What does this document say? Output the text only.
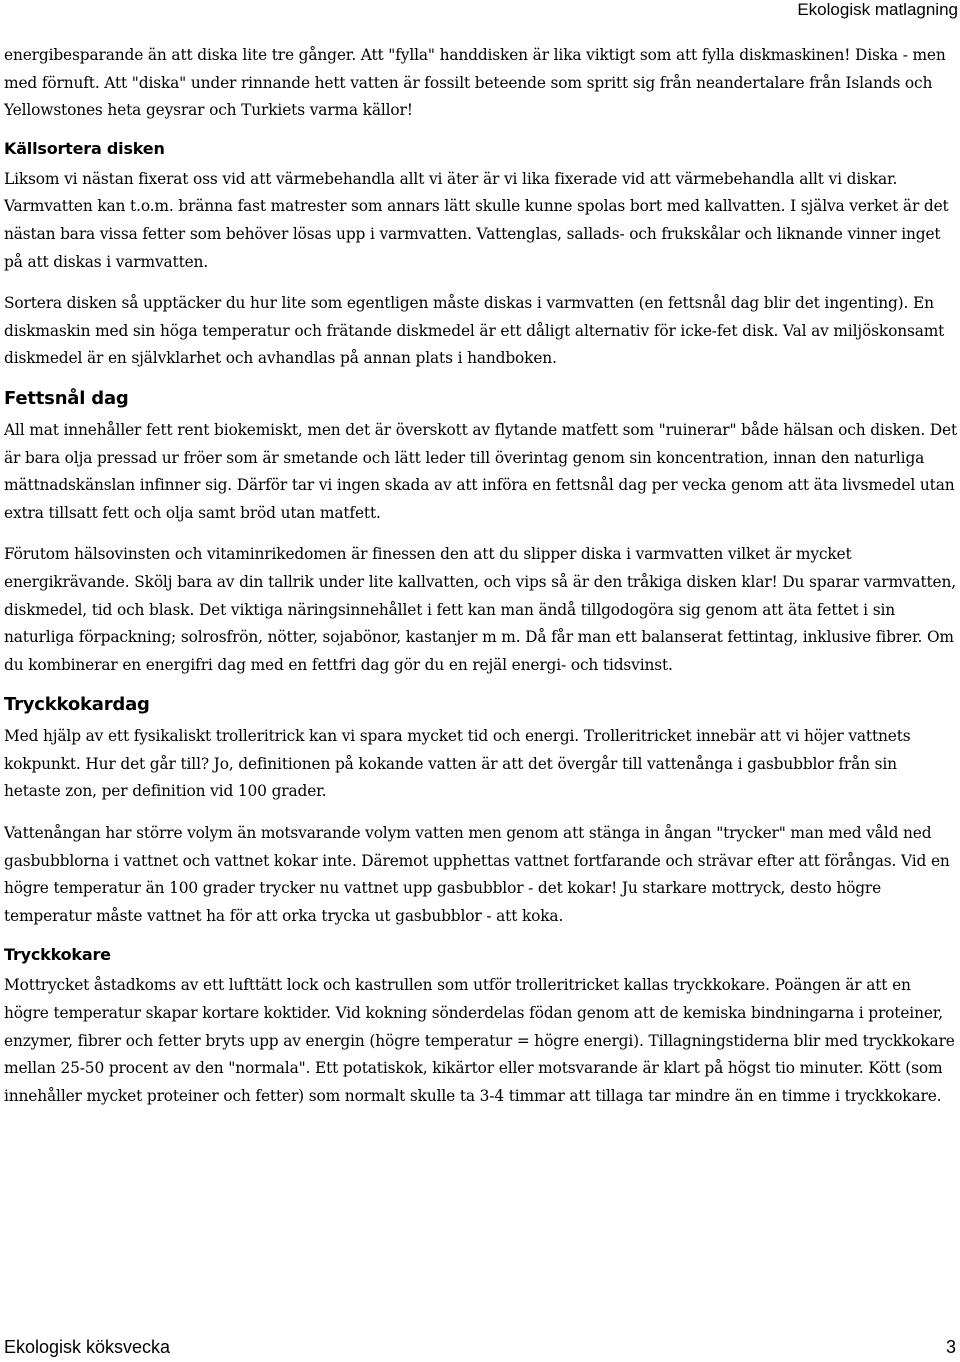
Ekologisk matlagning

energibesparande än att diska lite tre gånger. Att "fylla" handdisken är lika viktigt som att fylla diskmaskinen! Diska - men med förnuft. Att "diska" under rinnande hett vatten är fossilt beteende som spritt sig från neandertalare från Islands och Yellowstones heta geysrar och Turkiets varma källor!

Källsortera disken

Liksom vi nästan fixerat oss vid att värmebehandla allt vi äter är vi lika fixerade vid att värmebehandla allt vi diskar. Varmvatten kan t.o.m. bränna fast matrester som annars lätt skulle kunne spolas bort med kallvatten. I själva verket är det nästan bara vissa fetter som behöver lösas upp i varmvatten. Vattenglas, sallads- och frukskålar och liknande vinner inget på att diskas i varmvatten.

Sortera disken så upptäcker du hur lite som egentligen måste diskas i varmvatten (en fettsnål dag blir det ingenting). En diskmaskin med sin höga temperatur och frätande diskmedel är ett dåligt alternativ för icke-fet disk. Val av miljöskonsamt diskmedel är en självklarhet och avhandlas på annan plats i handboken.

Fettsnål dag

All mat innehåller fett rent biokemiskt, men det är överskott av flytande matfett som "ruinerar" både hälsan och disken. Det är bara olja pressad ur fröer som är smetande och lätt leder till överintag genom sin koncentration, innan den naturliga mättnadskänslan infinner sig. Därför tar vi ingen skada av att införa en fettsnål dag per vecka genom att äta livsmedel utan extra tillsatt fett och olja samt bröd utan matfett.

Förutom hälsovinsten och vitaminrikedomen är finessen den att du slipper diska i varmvatten vilket är mycket energikrävande. Skölj bara av din tallrik under lite kallvatten, och vips så är den tråkiga disken klar! Du sparar varmvatten, diskmedel, tid och blask. Det viktiga näringsinnehållet i fett kan man ändå tillgodogöra sig genom att äta fettet i sin naturliga förpackning; solrosfrön, nötter, sojabönor, kastanjer m m. Då får man ett balanserat fettintag, inklusive fibrer. Om du kombinerar en energifri dag med en fettfri dag gör du en rejäl energi- och tidsvinst.

Tryckkokardag

Med hjälp av ett fysikaliskt trolleritrick kan vi spara mycket tid och energi. Trolleritricket innebär att vi höjer vattnets kokpunkt. Hur det går till? Jo, definitionen på kokande vatten är att det övergår till vattenånga i gasbubblor från sin hetaste zon, per definition vid 100 grader.

Vattenångan har större volym än motsvarande volym vatten men genom att stänga in ångan "trycker" man med våld ned gasbubblorna i vattnet och vattnet kokar inte. Däremot upphettas vattnet fortfarande och strävar efter att förångas. Vid en högre temperatur än 100 grader trycker nu vattnet upp gasbubblor - det kokar! Ju starkare mottryck, desto högre temperatur måste vattnet ha för att orka trycka ut gasbubblor - att koka.

Tryckkokare

Mottrycket åstadkoms av ett lufttätt lock och kastrullen som utför trolleritricket kallas tryckkokare. Poängen är att en högre temperatur skapar kortare koktider. Vid kokning sönderdelas födan genom att de kemiska bindningarna i proteiner, enzymer, fibrer och fetter bryts upp av energin (högre temperatur = högre energi). Tillagningstiderna blir med tryckkokare mellan 25-50 procent av den "normala". Ett potatiskok, kikärtor eller motsvarande är klart på högst tio minuter. Kött (som innehåller mycket proteiner och fetter) som normalt skulle ta 3-4 timmar att tillaga tar mindre än en timme i tryckkokare.

Ekologisk köksvecka	3
